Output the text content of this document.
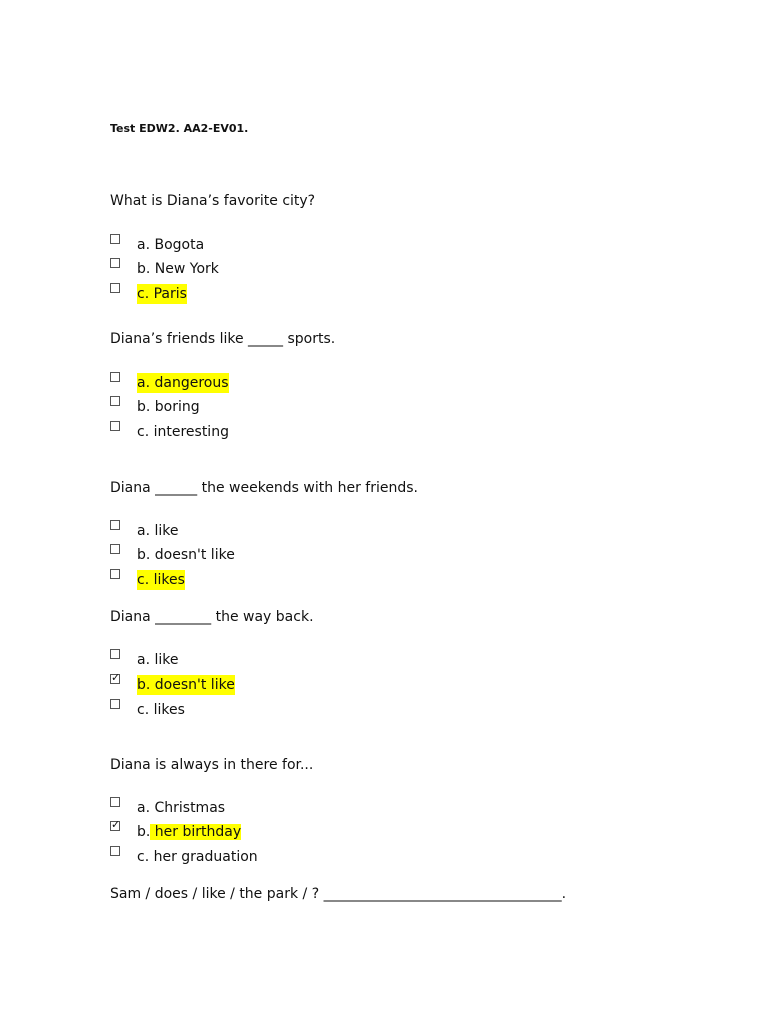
Test EDW2. AA2-EV01.
What is Diana’s favorite city?
a. Bogota
b. New York
c. Paris
Diana’s friends like _____ sports.
a. dangerous
b. boring
c. interesting
Diana ______ the weekends with her friends.
a. like
b. doesn't like
c. likes
Diana ________ the way back.
a. like
✓ b. doesn't like
c. likes
Diana is always in there for...
a. Christmas
✓ b. her birthday
c. her graduation
Sam / does / like / the park / ? __________________________________.
